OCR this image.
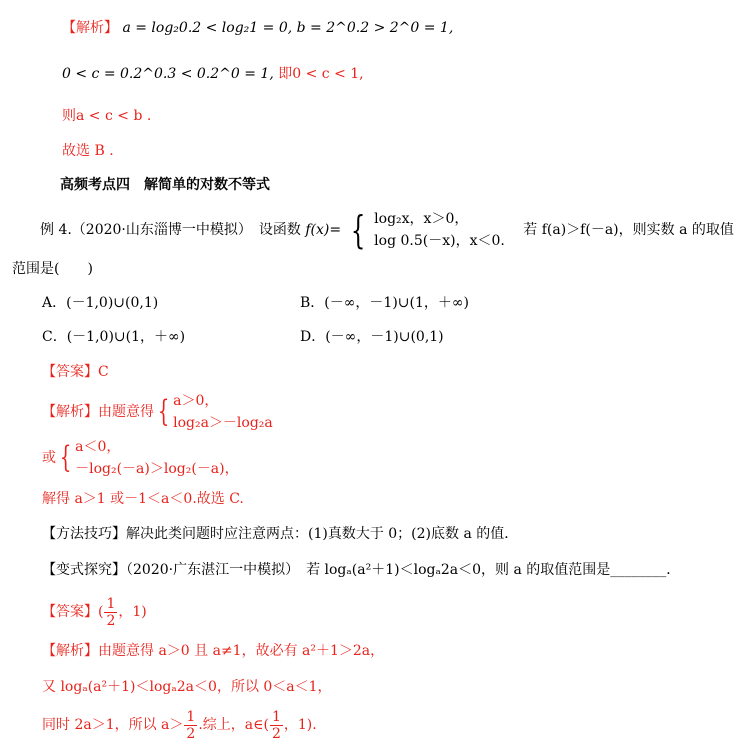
【解析】 a = log₂0.2 < log₂1 = 0, b = 2^0.2 > 2^0 = 1,
0 < c = 0.2^0.3 < 0.2^0 = 1, 即0 < c < 1,
则a < c < b .
故选 B .
高频考点四　解简单的对数不等式
例 4.（2020·山东淄博一中模拟）　设函数 f(x)= { log₂x，x＞0，
log 0.5(－x)，x＜0.
若 f(a)＞f(－a)，则实数 a 的取值
范围是(　　)
A．(－1,0)∪(0,1)	B．(－∞，－1)∪(1，＋∞)
C．(－1,0)∪(1，＋∞)	D．(－∞，－1)∪(0,1)
【答案】C
【解析】由题意得 { a＞0，
log₂a＞－log₂a
或 { a＜0，
－log₂(－a)＞log₂(－a)，
解得 a＞1 或－1＜a＜0.故选 C.
【方法技巧】解决此类问题时应注意两点：(1)真数大于 0；(2)底数 a 的值．
【变式探究】（2020·广东湛江一中模拟）　若 logₐ(a²＋1)＜logₐ2a＜0，则 a 的取值范围是________．
【答案】( $\frac{1}{2}$ ，1)
【解析】由题意得 a＞0 且 a≠1，故必有 a²＋1＞2a，
又 logₐ(a²＋1)＜logₐ2a＜0，所以 0＜a＜1，
同时 2a＞1，所以 $a> \frac{1}{2}$ .综上，a∈( $\frac{1}{2}$ ，1).
